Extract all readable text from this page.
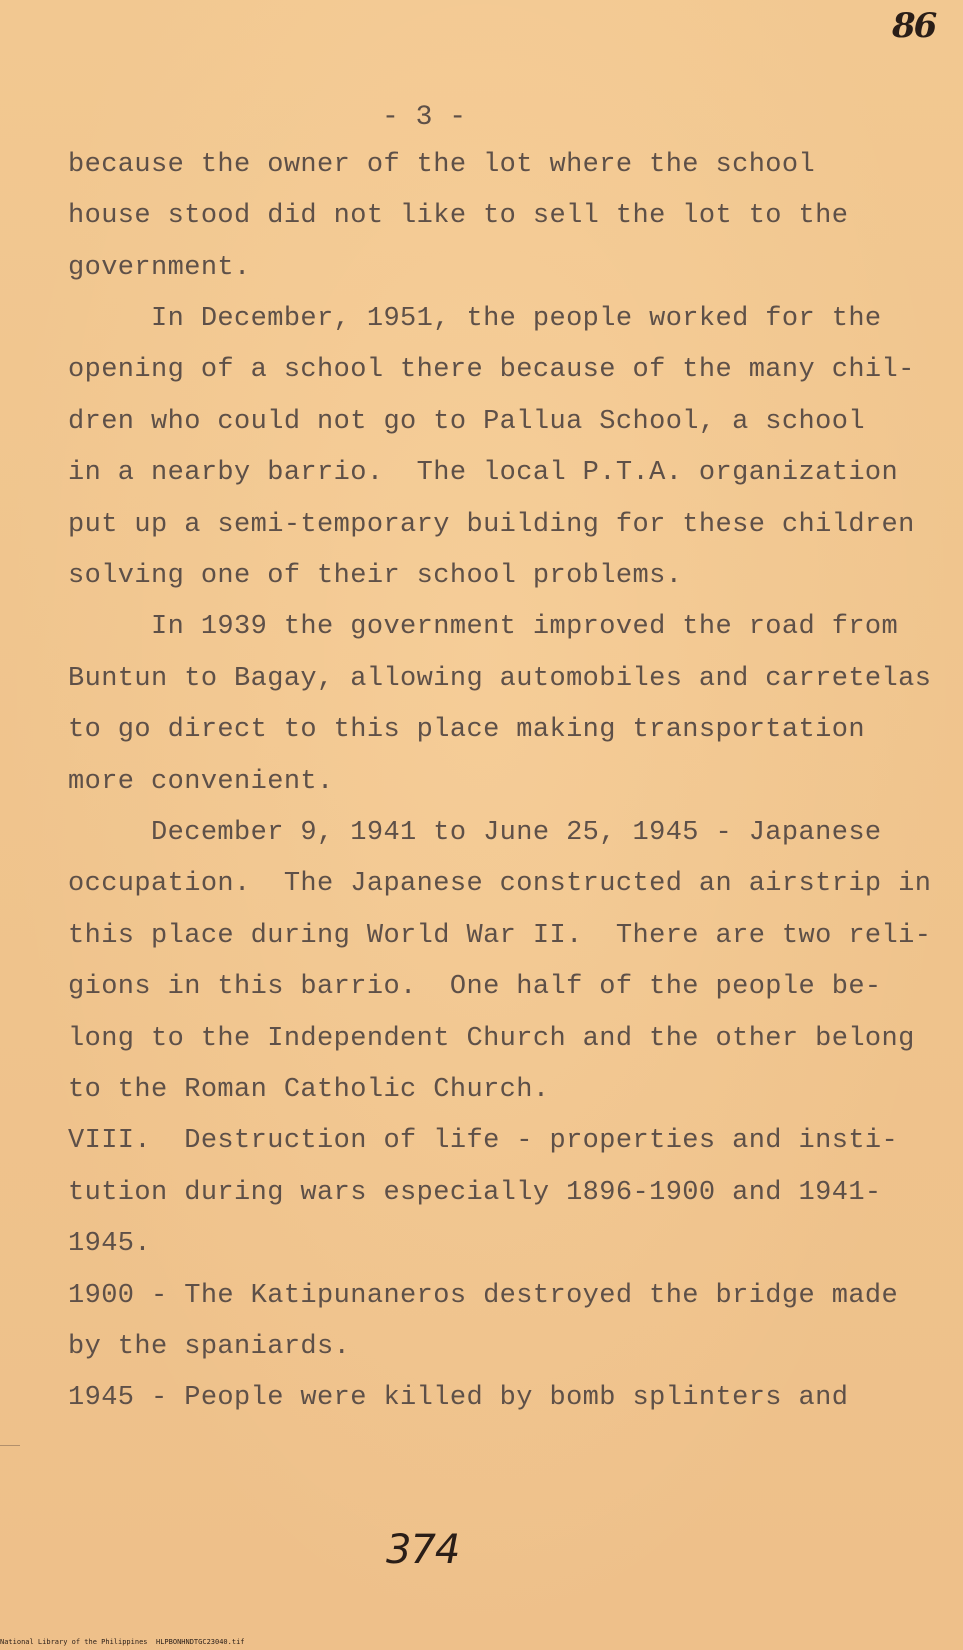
86
- 3 -
because the owner of the lot where the school
house stood did not like to sell the lot to the
government.
In December, 1951, the people worked for the
opening of a school there because of the many chil-
dren who could not go to Pallua School, a school
in a nearby barrio.  The local P.T.A. organization
put up a semi-temporary building for these children
solving one of their school problems.
In 1939 the government improved the road from
Buntun to Bagay, allowing automobiles and carretelas
to go direct to this place making transportation
more convenient.
December 9, 1941 to June 25, 1945 - Japanese
occupation.  The Japanese constructed an airstrip in
this place during World War II.  There are two reli-
gions in this barrio.  One half of the people be-
long to the Independent Church and the other belong
to the Roman Catholic Church.
VIII.  Destruction of life - properties and insti-
tution during wars especially 1896-1900 and 1941-
1945.
1900 - The Katipunaneros destroyed the bridge made
by the spaniards.
1945 - People were killed by bomb splinters and
374
National Library of the Philippines HLPBONHNDTGC23040.tif
